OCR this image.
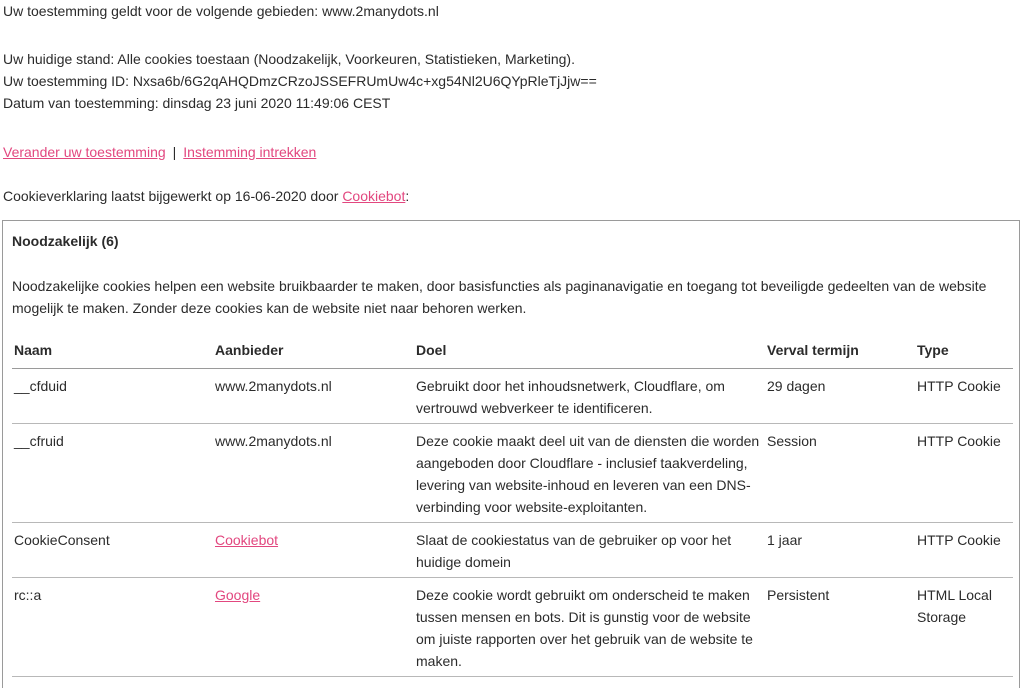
Uw toestemming geldt voor de volgende gebieden: www.2manydots.nl
Uw huidige stand: Alle cookies toestaan (Noodzakelijk, Voorkeuren, Statistieken, Marketing).
Uw toestemming ID: Nxsa6b/6G2qAHQDmzCRzoJSSEFRUmUw4c+xg54Nl2U6QYpRleTjJjw==
Datum van toestemming: dinsdag 23 juni 2020 11:49:06 CEST
Verander uw toestemming | Instemming intrekken
Cookieverklaring laatst bijgewerkt op 16-06-2020 door Cookiebot:
Noodzakelijk (6)
Noodzakelijke cookies helpen een website bruikbaarder te maken, door basisfuncties als paginanavigatie en toegang tot beveiligde gedeelten van de website mogelijk te maken. Zonder deze cookies kan de website niet naar behoren werken.
Naam	Aanbieder	Doel	Verval termijn	Type
__cfduid	www.2manydots.nl	Gebruikt door het inhoudsnetwerk, Cloudflare, om vertrouwd webverkeer te identificeren.	29 dagen	HTTP Cookie
__cfruid	www.2manydots.nl	Deze cookie maakt deel uit van de diensten die worden aangeboden door Cloudflare - inclusief taakverdeling, levering van website-inhoud en leveren van een DNS-verbinding voor website-exploitanten.	Session	HTTP Cookie
CookieConsent	Cookiebot	Slaat de cookiestatus van de gebruiker op voor het huidige domein	1 jaar	HTTP Cookie
rc::a	Google	Deze cookie wordt gebruikt om onderscheid te maken tussen mensen en bots. Dit is gunstig voor de website om juiste rapporten over het gebruik van de website te maken.	Persistent	HTML Local Storage
